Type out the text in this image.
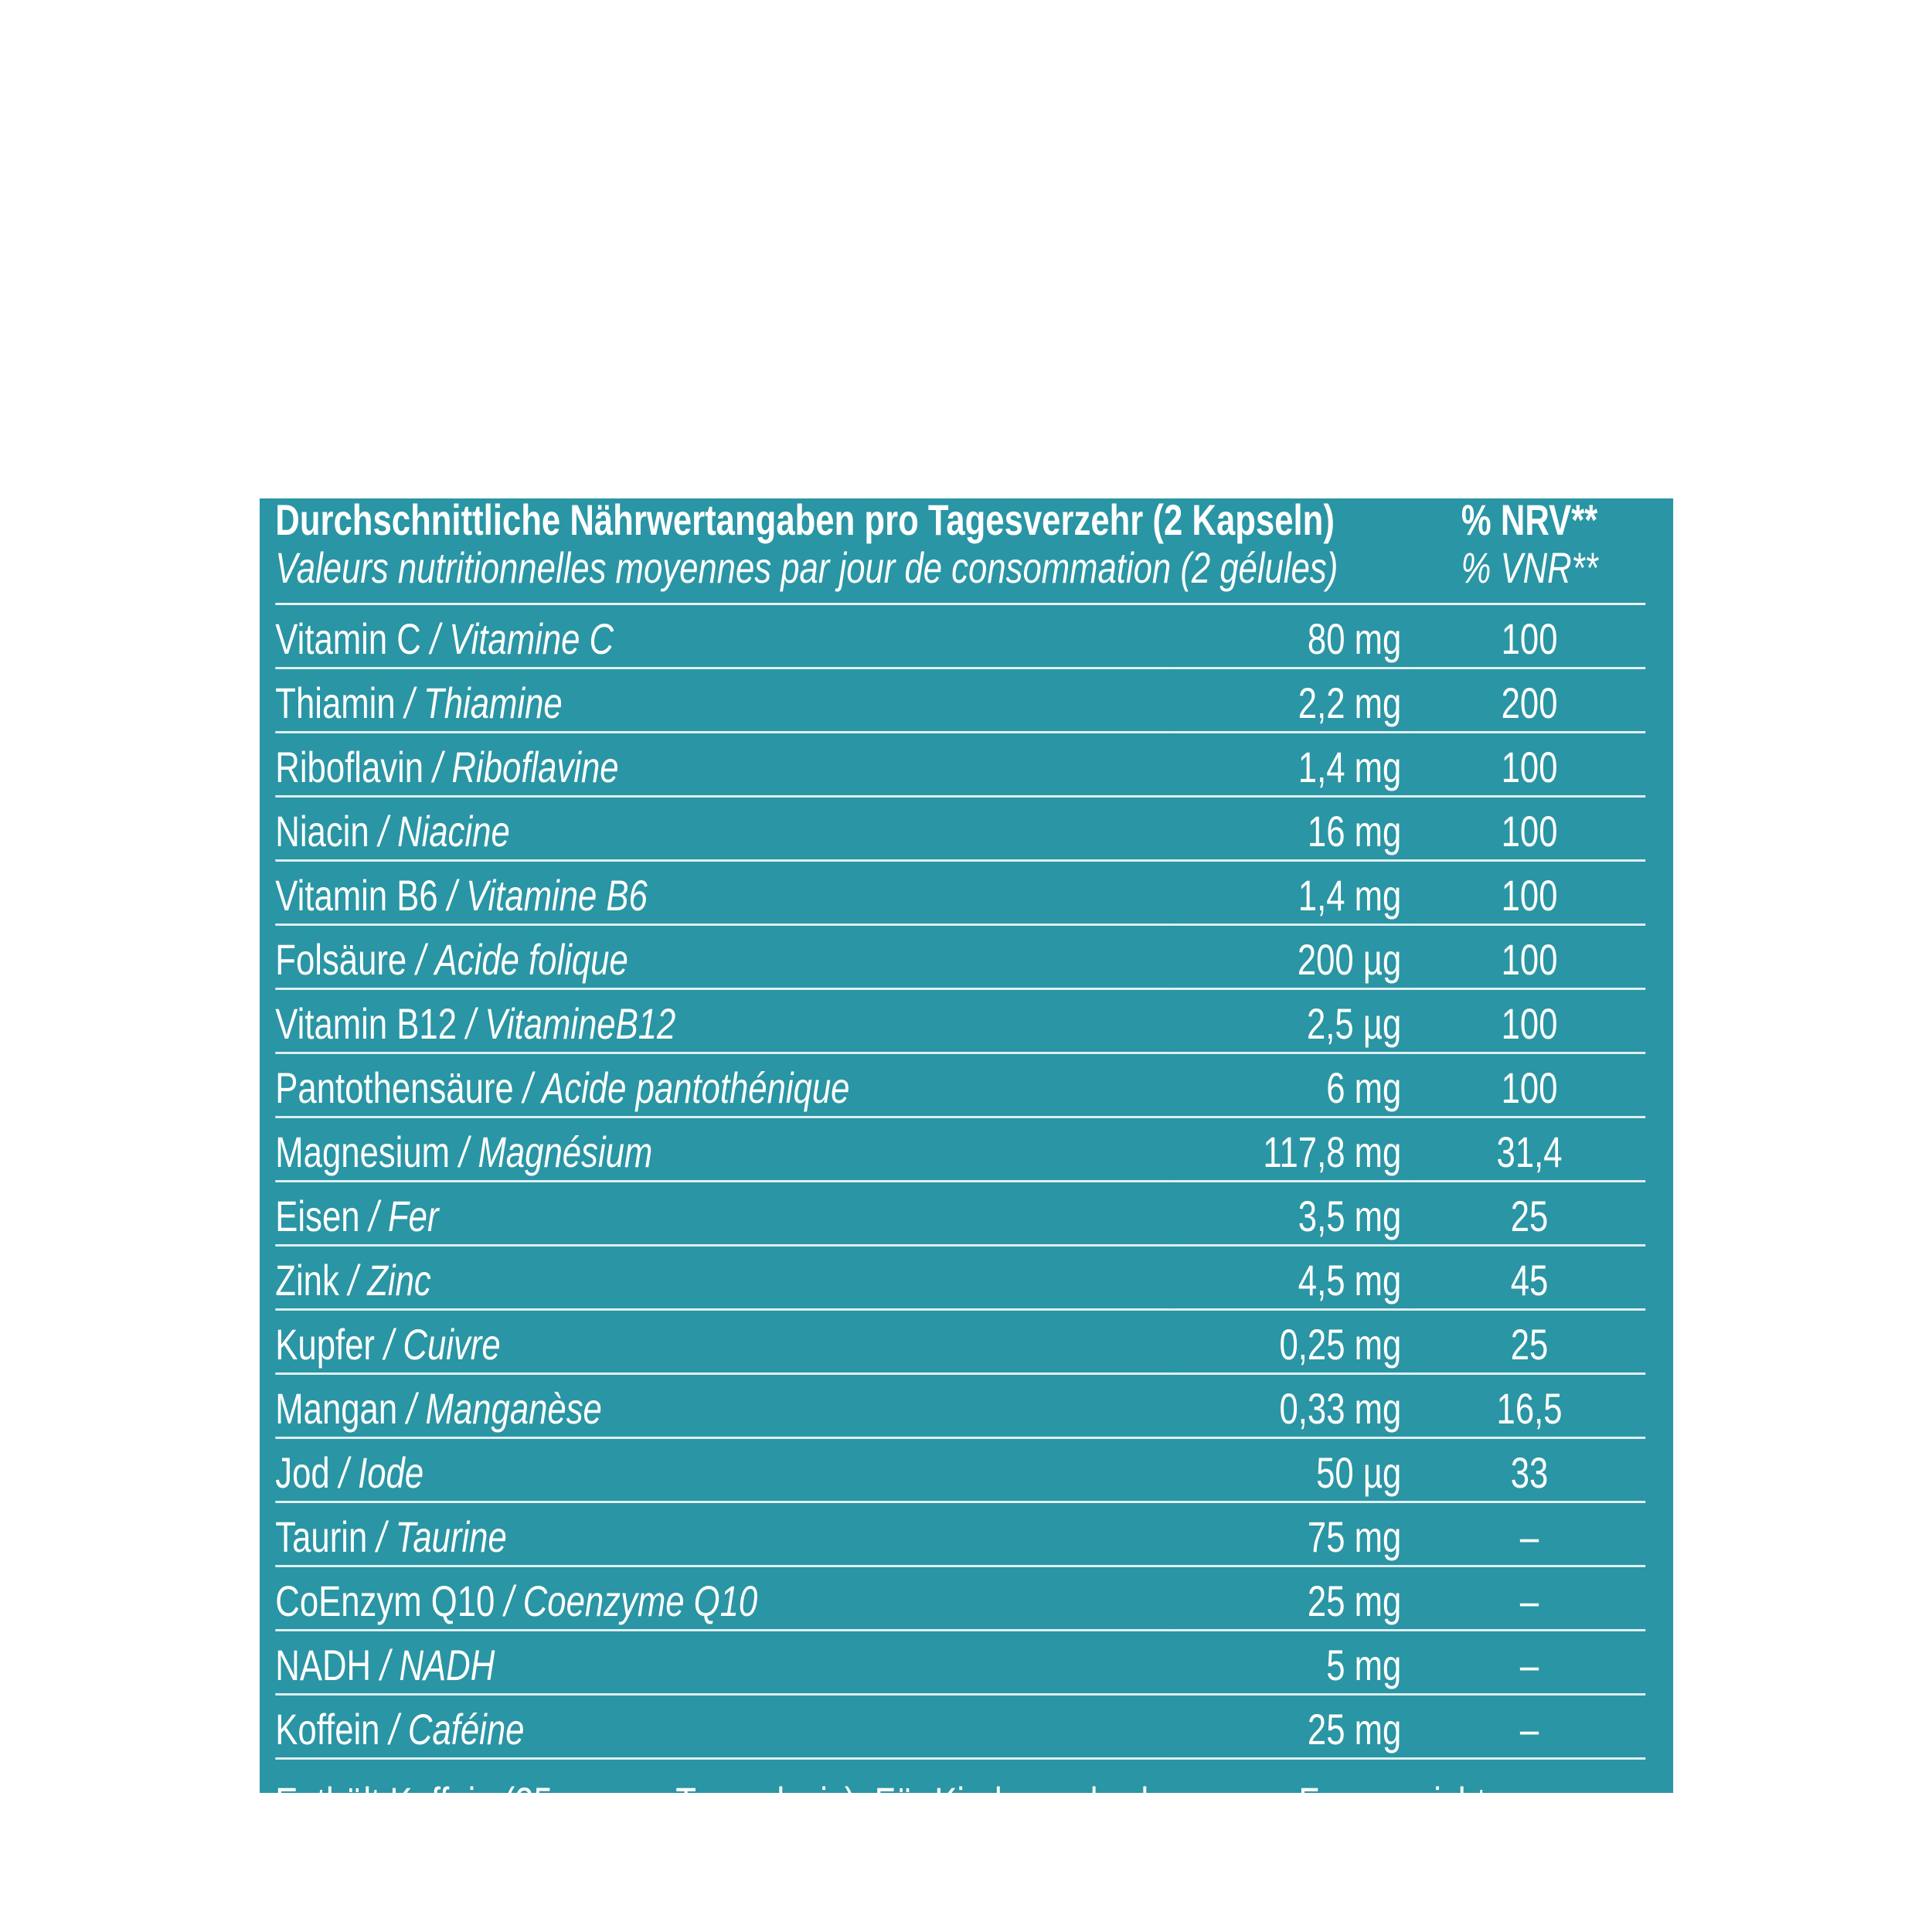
Durchschnittliche Nährwertangaben pro Tagesverzehr (2 Kapseln)
Valeurs nutritionnelles moyennes par jour de consommation (2 gélules)
% NRV**
% VNR**
Vitamin C / Vitamine C	80 mg	100
Thiamin / Thiamine	2,2 mg	200
Riboflavin / Riboflavine	1,4 mg	100
Niacin / Niacine	16 mg	100
Vitamin B6 / Vitamine B6	1,4 mg	100
Folsäure / Acide folique	200 µg	100
Vitamin B12 / VitamineB12	2,5 µg	100
Pantothensäure / Acide pantothénique	6 mg	100
Magnesium / Magnésium	117,8 mg	31,4
Eisen / Fer	3,5 mg	25
Zink / Zinc	4,5 mg	45
Kupfer / Cuivre	0,25 mg	25
Mangan / Manganèse	0,33 mg	16,5
Jod / Iode	50 µg	33
Taurin / Taurine	75 mg	–
CoEnzym Q10 / Coenzyme Q10	25 mg	–
NADH / NADH	5 mg	–
Koffein / Caféine	25 mg	–

Enthält Koffein (25 mg pro Tagesdosis). Für Kinder und schwangere Frauen nicht empfohlen.
